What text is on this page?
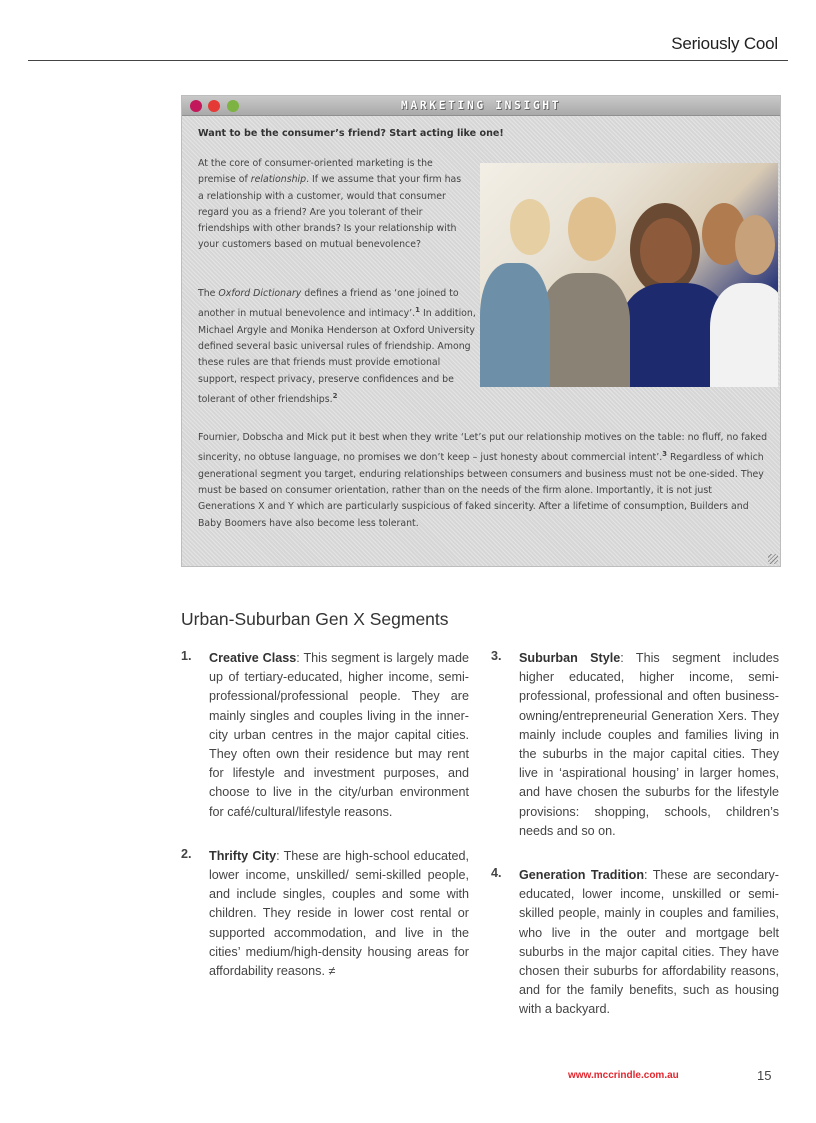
Seriously Cool
MARKETING INSIGHT
Want to be the consumer’s friend? Start acting like one!

At the core of consumer-oriented marketing is the premise of relationship. If we assume that your firm has a relationship with a customer, would that consumer regard you as a friend? Are you tolerant of their friendships with other brands? Is your relationship with your customers based on mutual benevolence?

The Oxford Dictionary defines a friend as ‘one joined to another in mutual benevolence and intimacy’.$^1$ In addition, Michael Argyle and Monika Henderson at Oxford University defined several basic universal rules of friendship. Among these rules are that friends must provide emotional support, respect privacy, preserve confidences and be tolerant of other friendships.$^2$

Fournier, Dobscha and Mick put it best when they write ‘Let’s put our relationship motives on the table: no fluff, no faked sincerity, no obtuse language, no promises we don’t keep – just honesty about commercial intent’.$^3$ Regardless of which generational segment you target, enduring relationships between consumers and business must not be one-sided. They must be based on consumer orientation, rather than on the needs of the firm alone. Importantly, it is not just Generations X and Y which are particularly suspicious of faked sincerity. After a lifetime of consumption, Builders and Baby Boomers have also become less tolerant.

Urban-Suburban Gen X Segments
1. Creative Class: This segment is largely made up of tertiary-educated, higher income, semi-professional/professional people. They are mainly singles and couples living in the inner-city urban centres in the major capital cities. They often own their residence but may rent for lifestyle and investment purposes, and choose to live in the city/urban environment for café/cultural/lifestyle reasons.

2. Thrifty City: These are high-school educated, lower income, unskilled/ semi-skilled people, and include singles, couples and some with children. They reside in lower cost rental or supported accommodation, and live in the cities’ medium/high-density housing areas for affordability reasons. ≠

3. Suburban Style: This segment includes higher educated, higher income, semi-professional, professional and often business-owning/entrepreneurial Generation Xers. They mainly include couples and families living in the suburbs in the major capital cities. They live in ‘aspirational housing’ in larger homes, and have chosen the suburbs for the lifestyle provisions: shopping, schools, children’s needs and so on.

4. Generation Tradition: These are secondary-educated, lower income, unskilled or semi-skilled people, mainly in couples and families, who live in the outer and mortgage belt suburbs in the major capital cities. They have chosen their suburbs for affordability reasons, and for the family benefits, such as housing with a backyard.

www.mccrindle.com.au	15
